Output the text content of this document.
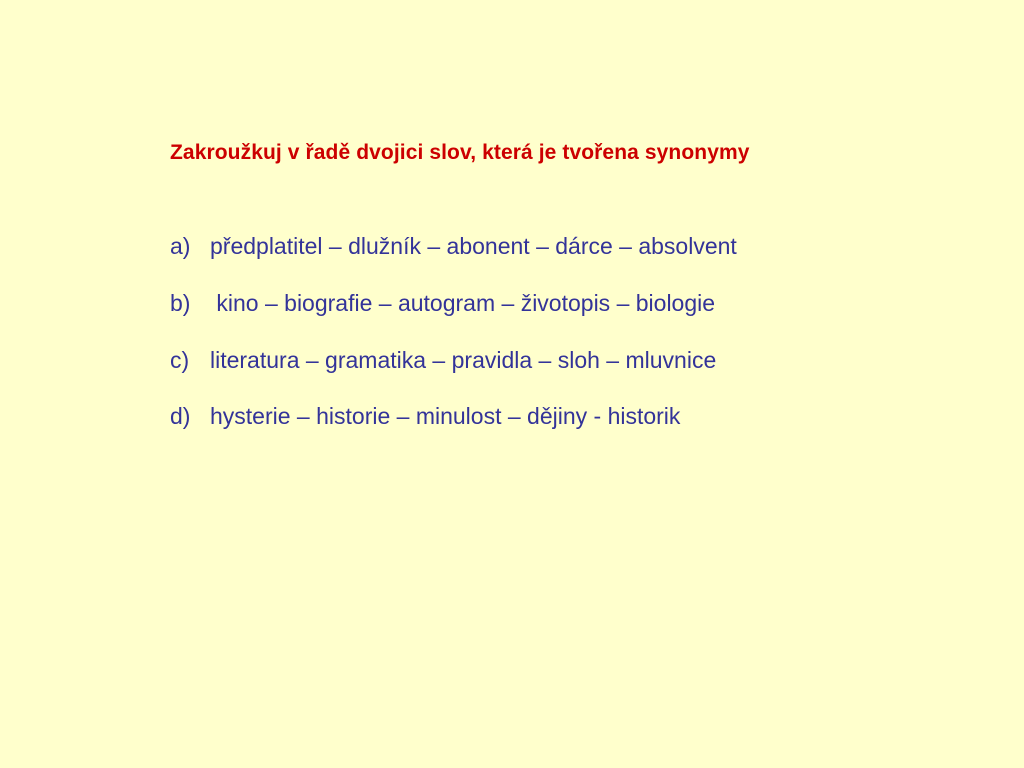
Zakroužkuj v řadě dvojici slov, která je tvořena synonymy
a) předplatitel – dlužník – abonent – dárce – absolvent
b) kino – biografie – autogram – životopis – biologie
c) literatura – gramatika – pravidla – sloh – mluvnice
d) hysterie – historie – minulost – dějiny - historik
